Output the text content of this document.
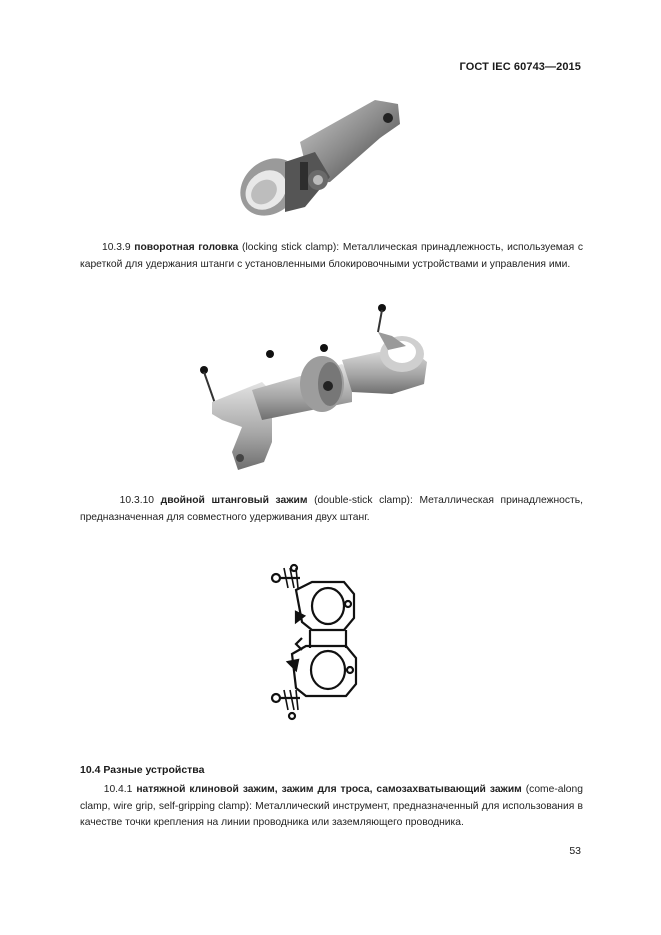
ГОСТ IEC 60743—2015
10.3.9 поворотная головка (locking stick clamp): Металлическая принадлежность, используемая с кареткой для удержания штанги с установленными блокировочными устройствами и управления ими.
10.3.10 двойной штанговый зажим (double-stick clamp): Металлическая принадлежность, предназначенная для совместного удерживания двух штанг.
10.4 Разные устройства
10.4.1 натяжной клиновой зажим, зажим для троса, самозахватывающий зажим (come-along clamp, wire grip, self-gripping clamp): Металлический инструмент, предназначенный для использования в качестве точки крепления на линии проводника или заземляющего проводника.
53
